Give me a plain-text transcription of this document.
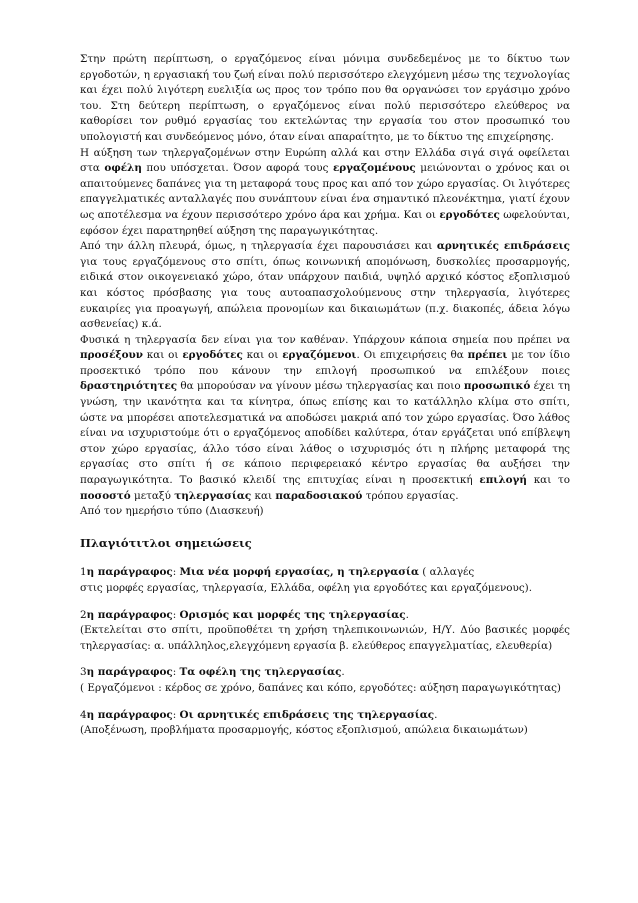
Στην πρώτη περίπτωση, ο εργαζόμενος είναι μόνιμα συνδεδεμένος με το δίκτυο των εργοδοτών, η εργασιακή του ζωή είναι πολύ περισσότερο ελεγχόμενη μέσω της τεχνολογίας και έχει πολύ λιγότερη ευελιξία ως προς τον τρόπο που θα οργανώσει τον εργάσιμο χρόνο του. Στη δεύτερη περίπτωση, ο εργαζόμενος είναι πολύ περισσότερο ελεύθερος να καθορίσει τον ρυθμό εργασίας του εκτελώντας την εργασία του στον προσωπικό του υπολογιστή και συνδεόμενος μόνο, όταν είναι απαραίτητο, με το δίκτυο της επιχείρησης.

Η αύξηση των τηλεργαζομένων στην Ευρώπη αλλά και στην Ελλάδα σιγά σιγά οφείλεται στα οφέλη που υπόσχεται. Όσον αφορά τους εργαζομένους μειώνονται ο χρόνος και οι απαιτούμενες δαπάνες για τη μεταφορά τους προς και από τον χώρο εργασίας. Οι λιγότερες επαγγελματικές ανταλλαγές που συνάπτουν είναι ένα σημαντικό πλεονέκτημα, γιατί έχουν ως αποτέλεσμα να έχουν περισσότερο χρόνο άρα και χρήμα. Και οι εργοδότες ωφελούνται, εφόσον έχει παρατηρηθεί αύξηση της παραγωγικότητας.

Από την άλλη πλευρά, όμως, η τηλεργασία έχει παρουσιάσει και αρνητικές επιδράσεις για τους εργαζόμενους στο σπίτι, όπως κοινωνική απομόνωση, δυσκολίες προσαρμογής, ειδικά στον οικογενειακό χώρο, όταν υπάρχουν παιδιά, υψηλό αρχικό κόστος εξοπλισμού και κόστος πρόσβασης για τους αυτοαπασχολούμενους στην τηλεργασία, λιγότερες ευκαιρίες για προαγωγή, απώλεια προνομίων και δικαιωμάτων (π.χ. διακοπές, άδεια λόγω ασθενείας) κ.ά.

Φυσικά η τηλεργασία δεν είναι για τον καθέναν. Υπάρχουν κάποια σημεία που πρέπει να προσέξουν και οι εργοδότες και οι εργαζόμενοι. Οι επιχειρήσεις θα πρέπει με τον ίδιο προσεκτικό τρόπο που κάνουν την επιλογή προσωπικού να επιλέξουν ποιες δραστηριότητες θα μπορούσαν να γίνουν μέσω τηλεργασίας και ποιο προσωπικό έχει τη γνώση, την ικανότητα και τα κίνητρα, όπως επίσης και το κατάλληλο κλίμα στο σπίτι, ώστε να μπορέσει αποτελεσματικά να αποδώσει μακριά από τον χώρο εργασίας. Όσο λάθος είναι να ισχυριστούμε ότι ο εργαζόμενος αποδίδει καλύτερα, όταν εργάζεται υπό επίβλεψη στον χώρο εργασίας, άλλο τόσο είναι λάθος ο ισχυρισμός ότι η πλήρης μεταφορά της εργασίας στο σπίτι ή σε κάποιο περιφερειακό κέντρο εργασίας θα αυξήσει την παραγωγικότητα. Το βασικό κλειδί της επιτυχίας είναι η προσεκτική επιλογή και το ποσοστό μεταξύ τηλεργασίας και παραδοσιακού τρόπου εργασίας.

Από τον ημερήσιο τύπο (Διασκευή)

Πλαγιότιτλοι σημειώσεις
1η παράγραφος: Μια νέα μορφή εργασίας, η τηλεργασία ( αλλαγές
στις μορφές εργασίας, τηλεργασία, Ελλάδα, οφέλη για εργοδότες και εργαζόμενους).
2η παράγραφος: Ορισμός και μορφές της τηλεργασίας.
(Εκτελείται στο σπίτι, προϋποθέτει τη χρήση τηλεπικοινωνιών, Η/Υ. Δύο βασικές μορφές τηλεργασίας: α. υπάλληλος,ελεγχόμενη εργασία β. ελεύθερος επαγγελματίας, ελευθερία)
3η παράγραφος: Τα οφέλη της τηλεργασίας.
( Εργαζόμενοι : κέρδος σε χρόνο, δαπάνες και κόπο, εργοδότες: αύξηση παραγωγικότητας)
4η παράγραφος: Οι αρνητικές επιδράσεις της τηλεργασίας.
(Αποξένωση, προβλήματα προσαρμογής, κόστος εξοπλισμού, απώλεια δικαιωμάτων)
